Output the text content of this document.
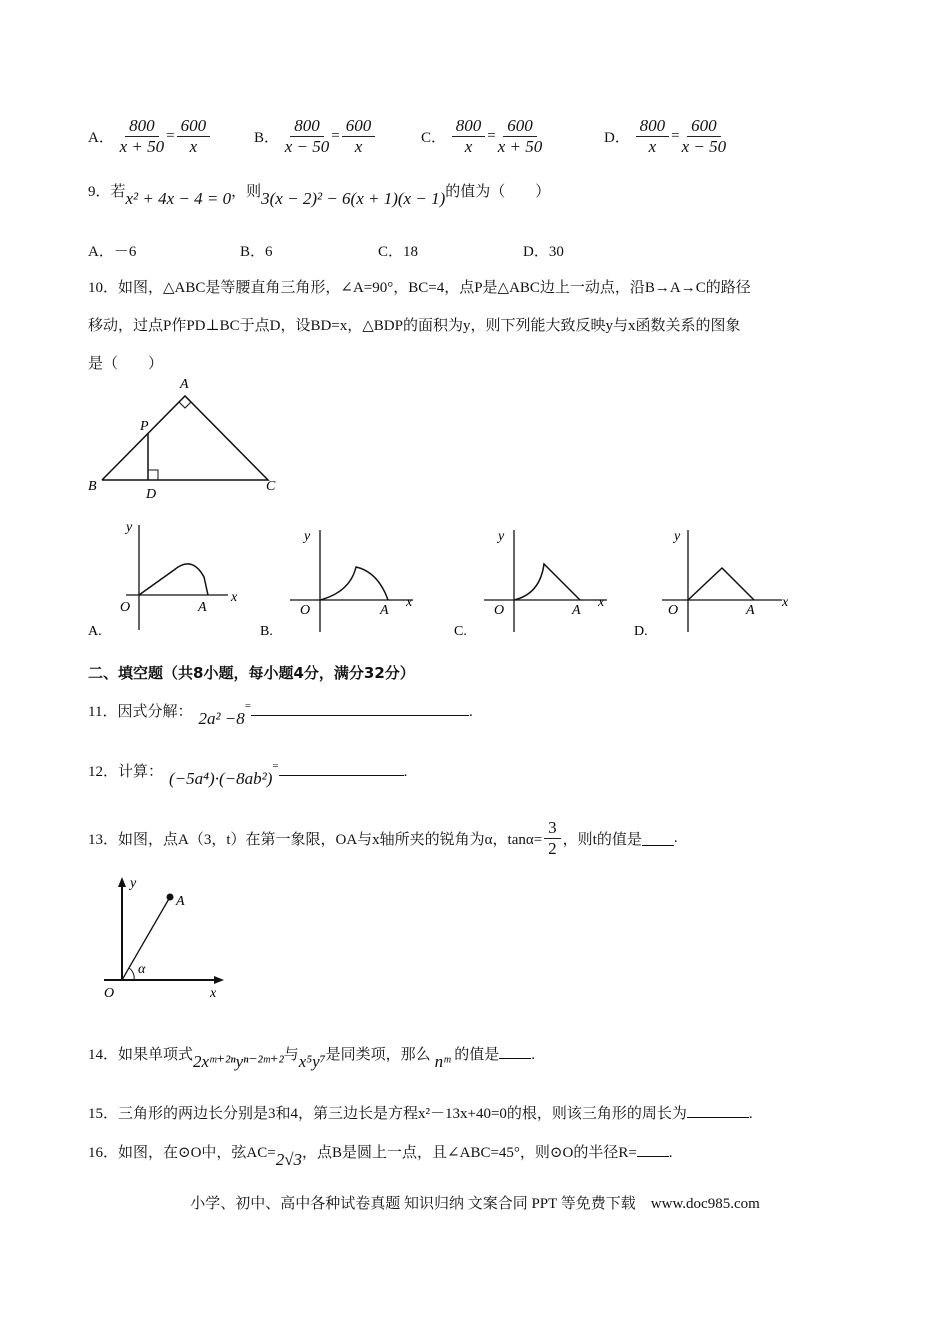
A． $\frac{800}{x + 50} = \frac{600}{x}$	B． $\frac{800}{x - 50} = \frac{600}{x}$	C． $\frac{800}{x} = \frac{600}{x + 50}$	D． $\frac{800}{x} = \frac{600}{x - 50}$
9．若x² + 4x − 4 = 0，则3(x − 2)² − 6(x + 1)(x − 1)的值为（　　）
A．－6	B．6	C．18	D．30
10．如图，△ABC是等腰直角三角形，∠A=90°，BC=4，点P是△ABC边上一动点，沿B→A→C的路径
移动，过点P作PD⊥BC于点D，设BD=x，△BDP的面积为y，则下列能大致反映y与x函数关系的图象
是（　　）
A
B	C
D
P
y
x
O	A
A.
y
x
O	A
B.
y
x
O	A
C.
y
x
O	A
D.
二、填空题（共8小题，每小题4分，满分32分）
11．因式分解： 2a² −8=	.
12．计算： (−5a⁴)·(−8ab²)=	.
13．如图，点A（3，t）在第一象限，OA与x轴所夹的锐角为α，$\tan\alpha= \frac{3}{2}$ ，则t的值是 .
y
x
O
A
α
14．如果单项式2xᵐ⁺²ⁿyⁿ⁻²ᵐ⁺²与x⁵y⁷是同类项，那么 nᵐ 的值是 .
15．三角形的两边长分别是3和4，第三边长是方程x²－13x+40=0的根，则该三角形的周长为	.
16．如图，在⊙O中，弦AC=2√3，点B是圆上一点，且∠ABC=45°，则⊙O的半径R= .
小学、初中、高中各种试卷真题 知识归纳 文案合同 PPT 等免费下载　www.doc985.com
